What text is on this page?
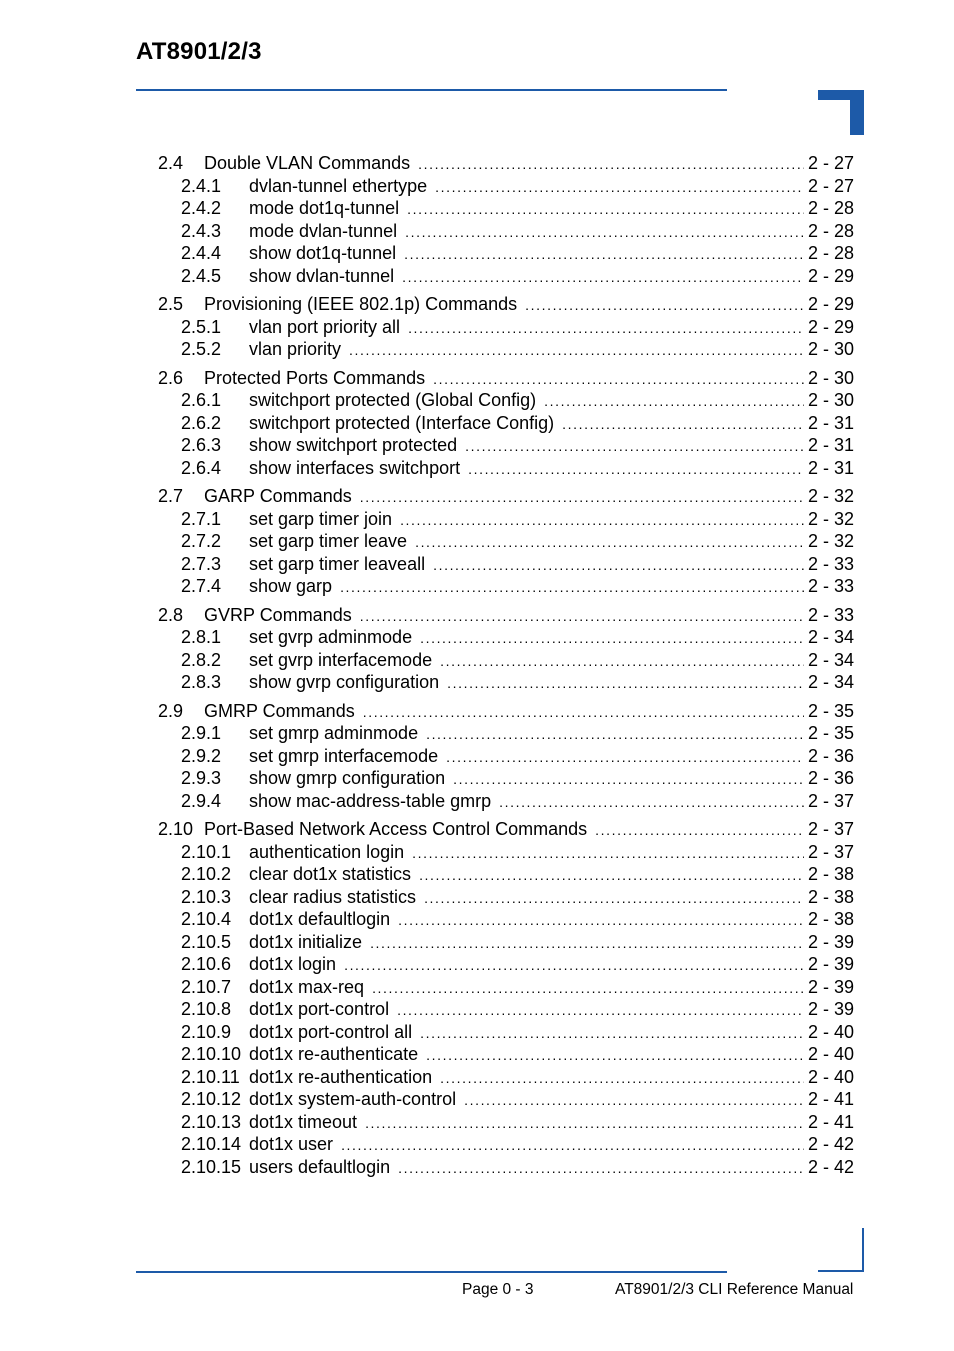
AT8901/2/3
2.4	Double VLAN Commands .....	2 - 27
2.4.1	dvlan-tunnel ethertype .....	2 - 27
2.4.2	mode dot1q-tunnel .....	2 - 28
2.4.3	mode dvlan-tunnel .....	2 - 28
2.4.4	show dot1q-tunnel .....	2 - 28
2.4.5	show dvlan-tunnel .....	2 - 29
2.5	Provisioning (IEEE 802.1p) Commands .....	2 - 29
2.5.1	vlan port priority all .....	2 - 29
2.5.2	vlan priority .....	2 - 30
2.6	Protected Ports Commands .....	2 - 30
2.6.1	switchport protected (Global Config) .....	2 - 30
2.6.2	switchport protected (Interface Config) .....	2 - 31
2.6.3	show switchport protected .....	2 - 31
2.6.4	show interfaces switchport .....	2 - 31
2.7	GARP Commands .....	2 - 32
2.7.1	set garp timer join .....	2 - 32
2.7.2	set garp timer leave .....	2 - 32
2.7.3	set garp timer leaveall .....	2 - 33
2.7.4	show garp .....	2 - 33
2.8	GVRP Commands .....	2 - 33
2.8.1	set gvrp adminmode .....	2 - 34
2.8.2	set gvrp interfacemode .....	2 - 34
2.8.3	show gvrp configuration .....	2 - 34
2.9	GMRP Commands .....	2 - 35
2.9.1	set gmrp adminmode .....	2 - 35
2.9.2	set gmrp interfacemode .....	2 - 36
2.9.3	show gmrp configuration .....	2 - 36
2.9.4	show mac-address-table gmrp .....	2 - 37
2.10 Port-Based Network Access Control Commands .....	2 - 37
2.10.1 authentication login .....	2 - 37
2.10.2 clear dot1x statistics .....	2 - 38
2.10.3 clear radius statistics .....	2 - 38
2.10.4 dot1x defaultlogin .....	2 - 38
2.10.5 dot1x initialize .....	2 - 39
2.10.6 dot1x login .....	2 - 39
2.10.7 dot1x max-req .....	2 - 39
2.10.8 dot1x port-control .....	2 - 39
2.10.9 dot1x port-control all .....	2 - 40
2.10.10 dot1x re-authenticate .....	2 - 40
2.10.11 dot1x re-authentication .....	2 - 40
2.10.12 dot1x system-auth-control .....	2 - 41
2.10.13 dot1x timeout .....	2 - 41
2.10.14 dot1x user .....	2 - 42
2.10.15 users defaultlogin .....	2 - 42
Page 0 - 3	AT8901/2/3 CLI Reference Manual
